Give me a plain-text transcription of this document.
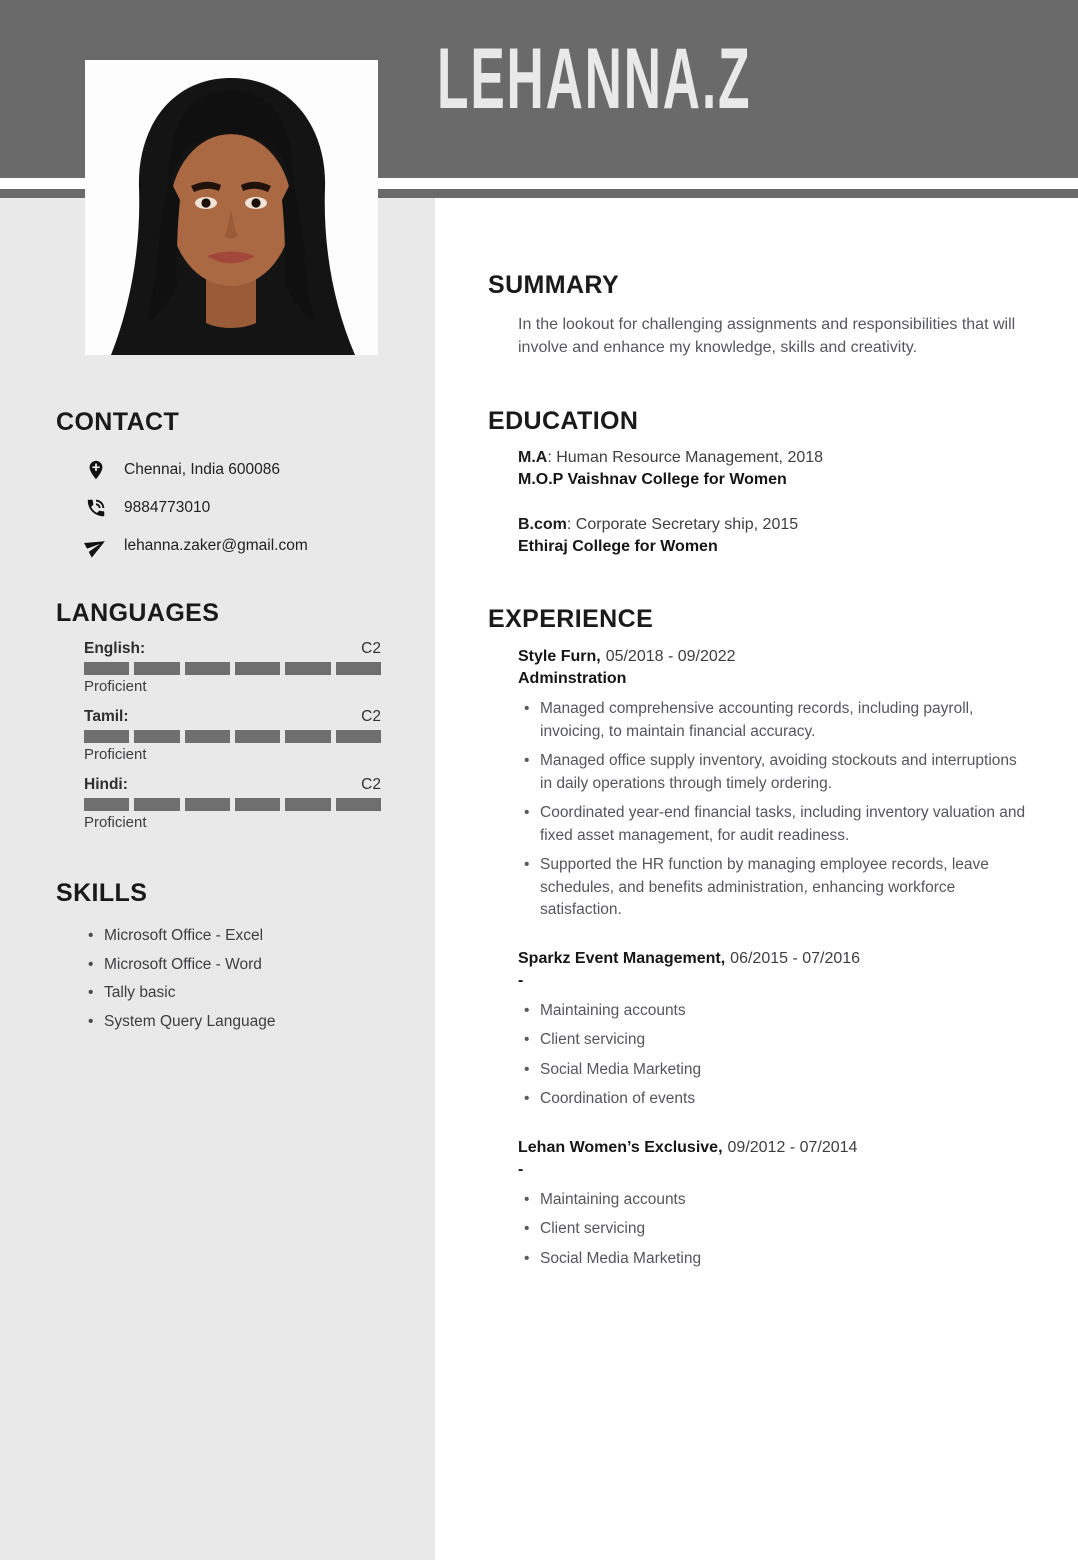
LEHANNA.Z
CONTACT
Chennai, India 600086
9884773010
lehanna.zaker@gmail.com
LANGUAGES
English:	C2
Proficient
Tamil:	C2
Proficient
Hindi:	C2
Proficient
SKILLS
• Microsoft Office - Excel
• Microsoft Office - Word
• Tally basic
• System Query Language
SUMMARY

In the lookout for challenging assignments and responsibilities that will involve and enhance my knowledge, skills and creativity.

EDUCATION

M.A: Human Resource Management, 2018

M.O.P Vaishnav College for Women

B.com: Corporate Secretary ship, 2015

Ethiraj College for Women

EXPERIENCE

Style Furn, 05/2018 - 09/2022

Adminstration

• Managed comprehensive accounting records, including payroll, invoicing, to maintain financial accuracy.
• Managed office supply inventory, avoiding stockouts and interruptions in daily operations through timely ordering.
• Coordinated year-end financial tasks, including inventory valuation and fixed asset management, for audit readiness.
• Supported the HR function by managing employee records, leave schedules, and benefits administration, enhancing workforce satisfaction.

Sparkz Event Management, 06/2015 - 07/2016

-

• Maintaining accounts
• Client servicing
• Social Media Marketing
• Coordination of events

Lehan Women’s Exclusive, 09/2012 - 07/2014

-

• Maintaining accounts
• Client servicing
• Social Media Marketing
